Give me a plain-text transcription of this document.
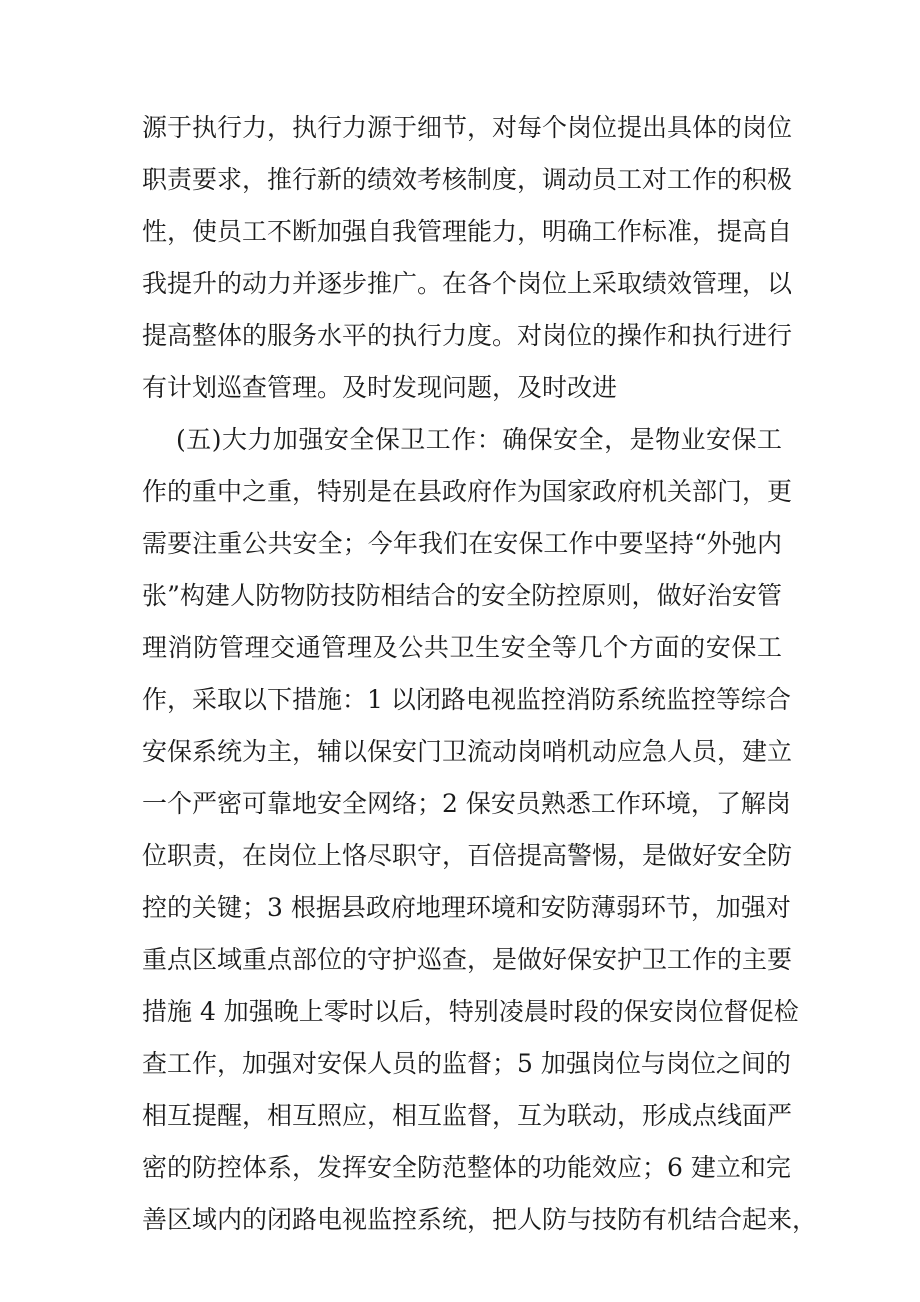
源于执行力，执行力源于细节，对每个岗位提出具体的岗位
职责要求，推行新的绩效考核制度，调动员工对工作的积极
性，使员工不断加强自我管理能力，明确工作标准，提高自
我提升的动力并逐步推广。在各个岗位上采取绩效管理，以
提高整体的服务水平的执行力度。对岗位的操作和执行进行
有计划巡查管理。及时发现问题，及时改进
(五)大力加强安全保卫工作：确保安全，是物业安保工
作的重中之重，特别是在县政府作为国家政府机关部门，更
需要注重公共安全；今年我们在安保工作中要坚持“外弛内
张”构建人防物防技防相结合的安全防控原则，做好治安管
理消防管理交通管理及公共卫生安全等几个方面的安保工
作，采取以下措施：1 以闭路电视监控消防系统监控等综合
安保系统为主，辅以保安门卫流动岗哨机动应急人员，建立
一个严密可靠地安全网络；2 保安员熟悉工作环境，了解岗
位职责，在岗位上恪尽职守，百倍提高警惕，是做好安全防
控的关键；3 根据县政府地理环境和安防薄弱环节，加强对
重点区域重点部位的守护巡查，是做好保安护卫工作的主要
措施 4 加强晚上零时以后，特别凌晨时段的保安岗位督促检
查工作，加强对安保人员的监督；5 加强岗位与岗位之间的
相互提醒，相互照应，相互监督，互为联动，形成点线面严
密的防控体系，发挥安全防范整体的功能效应；6 建立和完
善区域内的闭路电视监控系统，把人防与技防有机结合起来，
